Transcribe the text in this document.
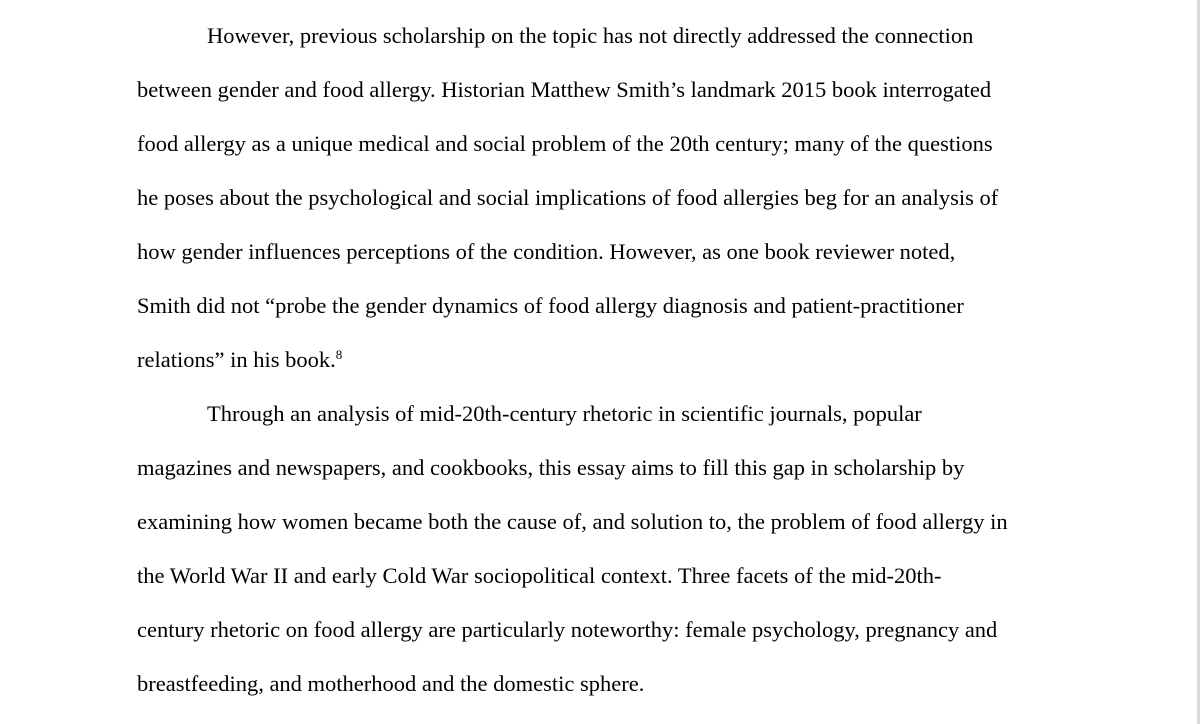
However, previous scholarship on the topic has not directly addressed the connection
between gender and food allergy. Historian Matthew Smith’s landmark 2015 book interrogated
food allergy as a unique medical and social problem of the 20th century; many of the questions
he poses about the psychological and social implications of food allergies beg for an analysis of
how gender influences perceptions of the condition. However, as one book reviewer noted,
Smith did not “probe the gender dynamics of food allergy diagnosis and patient-practitioner
relations” in his book.$^8$
Through an analysis of mid-20th-century rhetoric in scientific journals, popular
magazines and newspapers, and cookbooks, this essay aims to fill this gap in scholarship by
examining how women became both the cause of, and solution to, the problem of food allergy in
the World War II and early Cold War sociopolitical context. Three facets of the mid-20th-
century rhetoric on food allergy are particularly noteworthy: female psychology, pregnancy and
breastfeeding, and motherhood and the domestic sphere.
